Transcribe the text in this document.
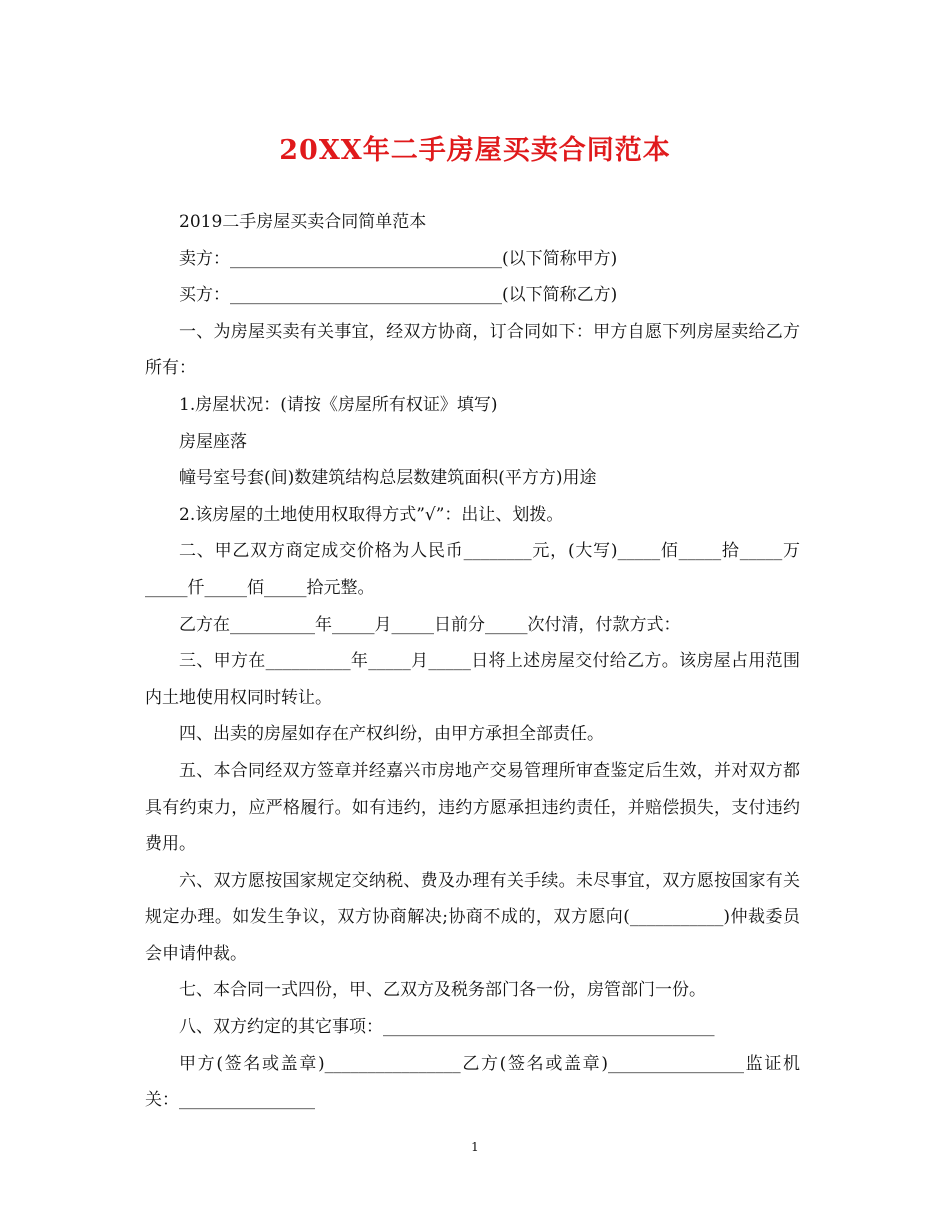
20XX年二手房屋买卖合同范本

2019二手房屋买卖合同简单范本

卖方：________________________________(以下简称甲方)

买方：________________________________(以下简称乙方)

一、为房屋买卖有关事宜，经双方协商，订合同如下：甲方自愿下列房屋卖给乙方所有：

1.房屋状况：(请按《房屋所有权证》填写)

房屋座落

幢号室号套(间)数建筑结构总层数建筑面积(平方方)用途

2.该房屋的土地使用权取得方式”√”：出让、划拨。

二、甲乙双方商定成交价格为人民币________元，(大写)_____佰_____拾_____万_____仟_____佰_____拾元整。

乙方在__________年_____月_____日前分_____次付清，付款方式：

三、甲方在__________年_____月_____日将上述房屋交付给乙方。该房屋占用范围内土地使用权同时转让。

四、出卖的房屋如存在产权纠纷，由甲方承担全部责任。

五、本合同经双方签章并经嘉兴市房地产交易管理所审查鉴定后生效，并对双方都具有约束力，应严格履行。如有违约，违约方愿承担违约责任，并赔偿损失，支付违约费用。

六、双方愿按国家规定交纳税、费及办理有关手续。未尽事宜，双方愿按国家有关规定办理。如发生争议，双方协商解决;协商不成的，双方愿向(___________)仲裁委员会申请仲裁。

七、本合同一式四份，甲、乙双方及税务部门各一份，房管部门一份。

八、双方约定的其它事项：_______________________________________

甲方(签名或盖章)________________乙方(签名或盖章)________________监证机关：________________

1
